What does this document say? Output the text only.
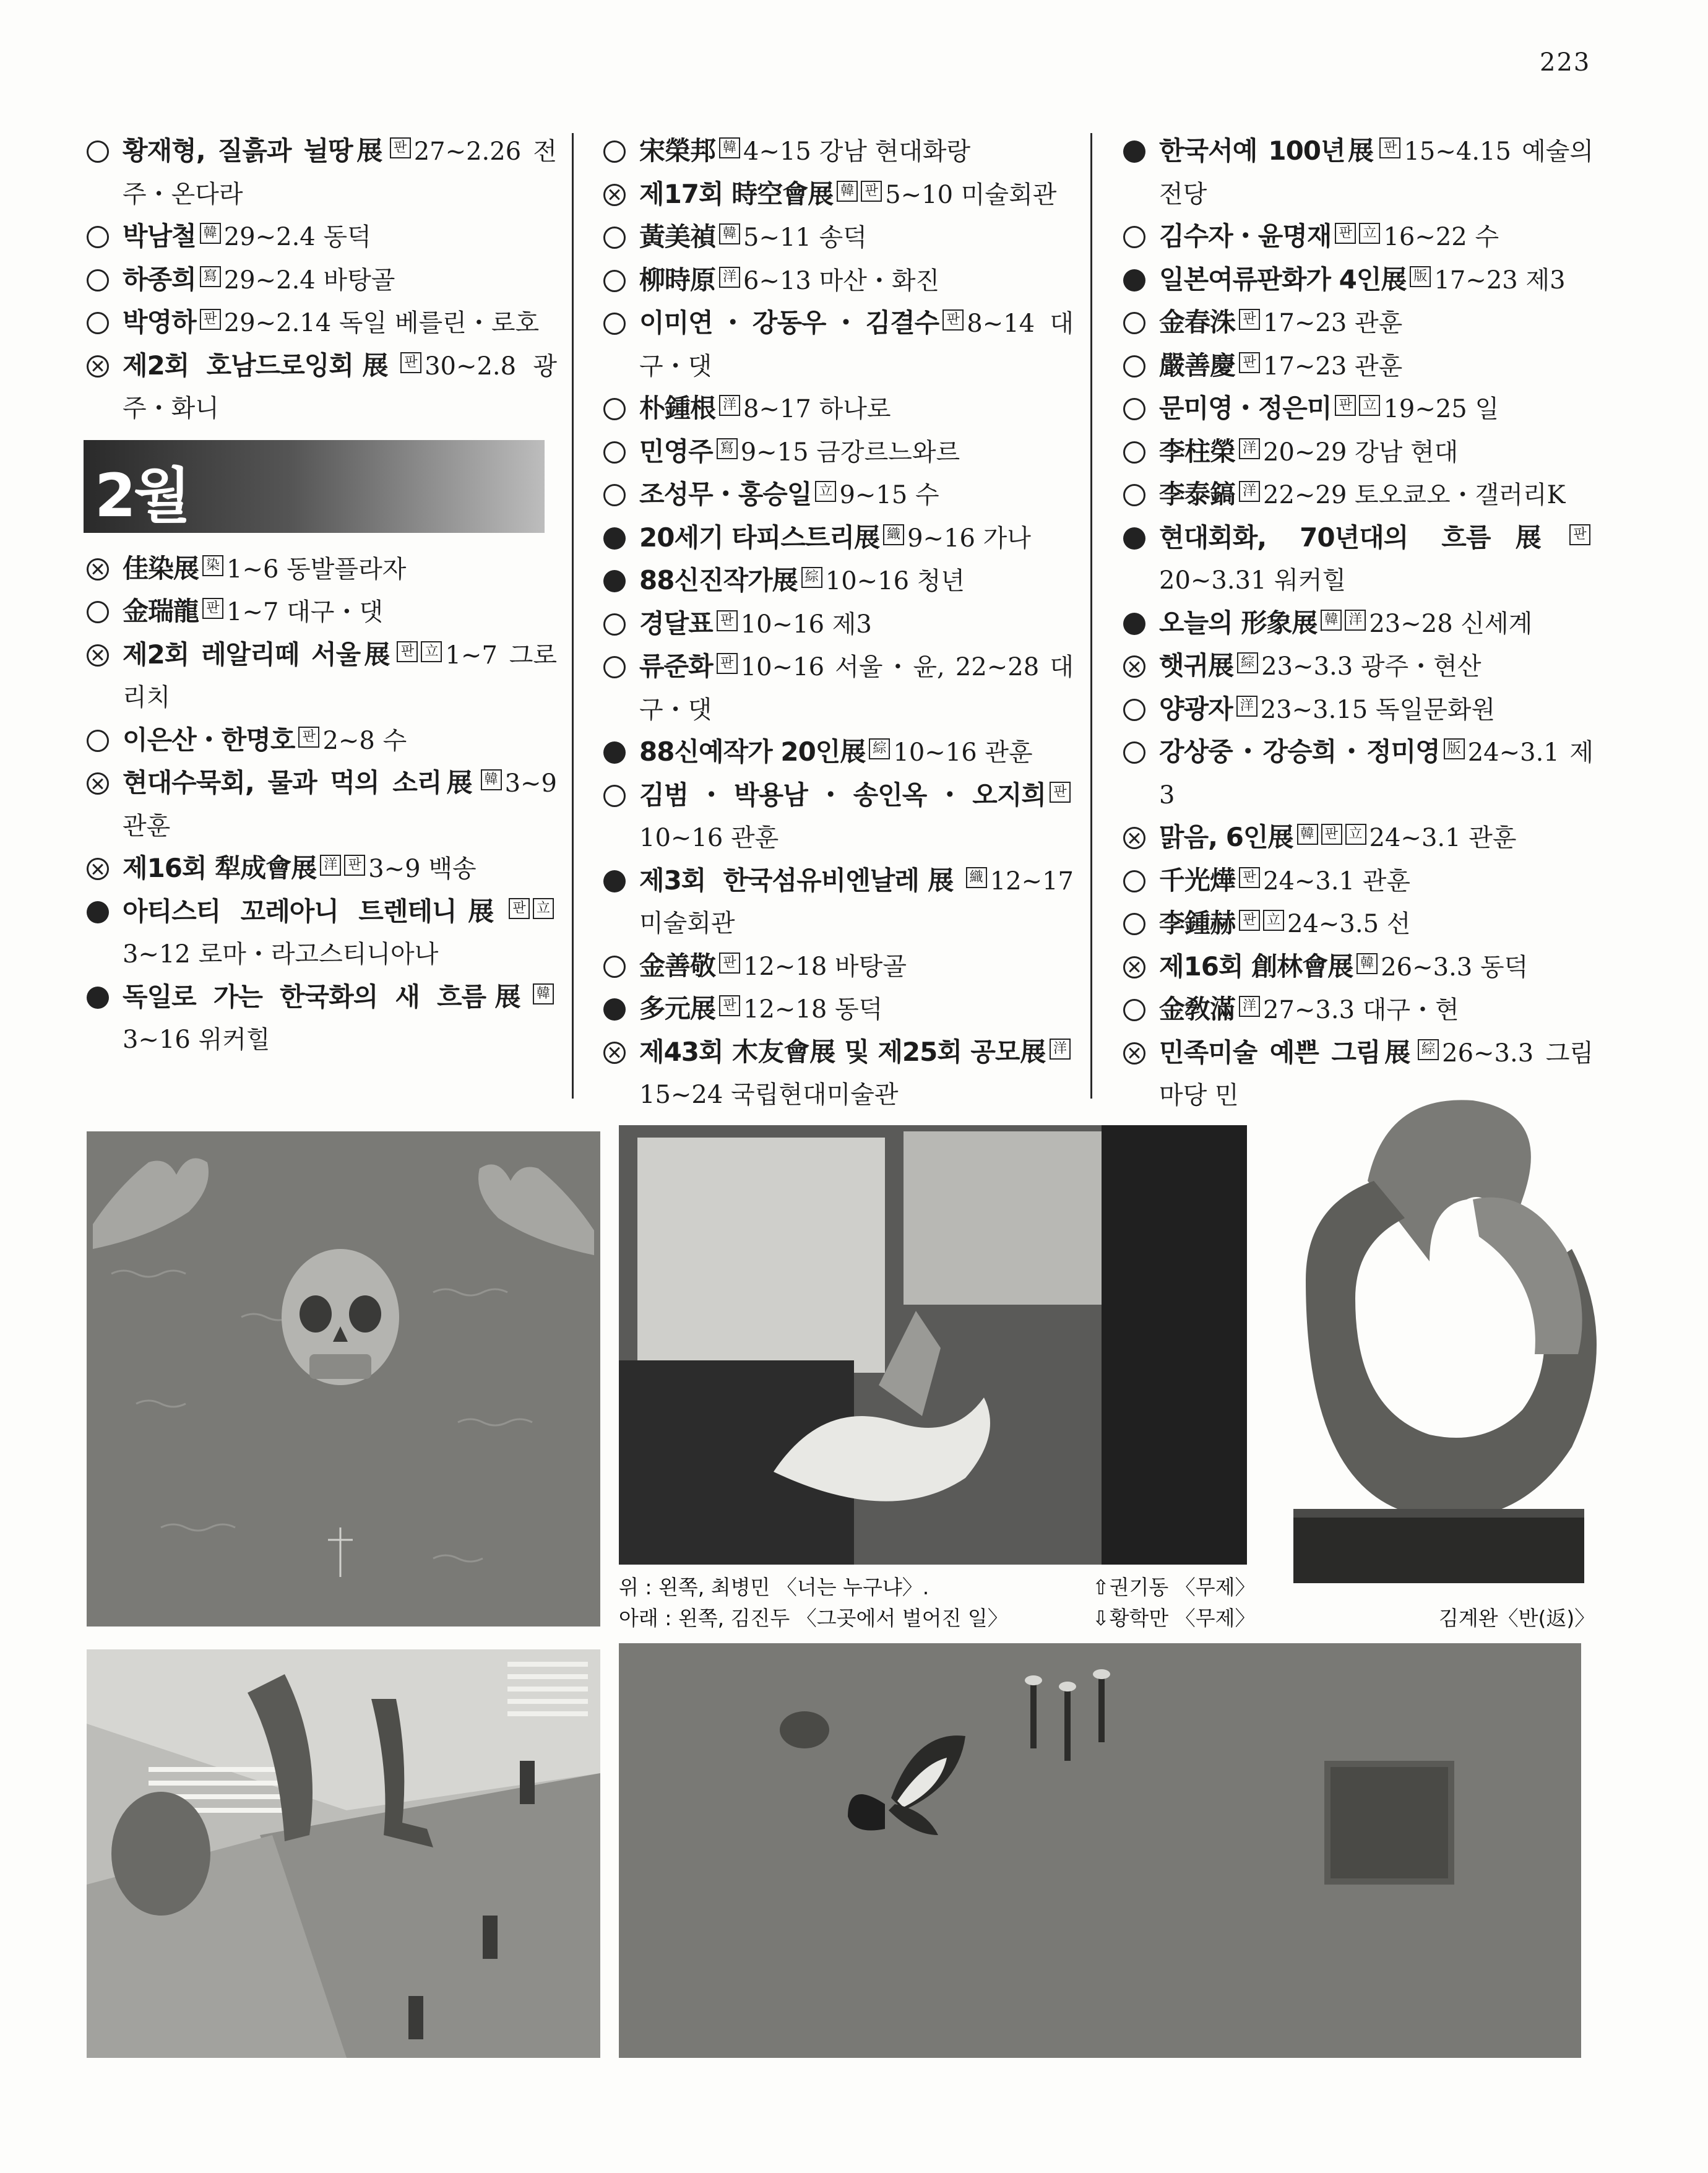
223
황재형, 질흙과 뉠땅展 판 27~2.26 전주・온다라
박남철 韓 29~2.4 동덕
하종희 寫 29~2.4 바탕골
박영하 판 29~2.14 독일 베를린・로호
제2회 호남드로잉회展 판 30~2.8 광주・화니
2월
佳染展 染 1~6 동발플라자
金瑞龍 판 1~7 대구・댓
제2회 레알리떼 서울展 판 立 1~7 그로리치
이은산・한명호 판 2~8 수
현대수묵회, 물과 먹의 소리展 韓 3~9 관훈
제16회 犁成會展 洋 판 3~9 백송
아티스티 꼬레아니 트렌테니展 판 立3~12 로마・라고스티니아나
독일로 가는 한국화의 새 흐름展 韓3~16 위커힐
宋榮邦 韓 4~15 강남 현대화랑
제17회 時空會展 韓 판 5~10 미술회관
黃美禎 韓 5~11 송덕
柳時原 洋 6~13 마산・화진
이미연・강동우・김결수 판 8~14 대구・댓
朴鍾根 洋 8~17 하나로
민영주 寫 9~15 금강르느와르
조성무・홍승일 立 9~15 수
20세기 타피스트리展 織 9~16 가나
88신진작가展 綜 10~16 청년
경달표 판 10~16 제3
류준화 판 10~16 서울・윤, 22~28 대구・댓
88신예작가 20인展 綜 10~16 관훈
김범・박용남・송인옥・오지희 판10~16 관훈
제3회 한국섬유비엔날레展 織 12~17 미술회관
金善敬 판 12~18 바탕골
多元展 판 12~18 동덕
제43회 木友會展 및 제25회 공모展 洋15~24 국립현대미술관
한국서예 100년展 판 15~4.15 예술의 전당
김수자・윤명재 판 立 16~22 수
일본여류판화가 4인展 版 17~23 제3
金春洙 판 17~23 관훈
嚴善慶 판 17~23 관훈
문미영・정은미 판 立 19~25 일
李柱榮 洋 20~29 강남 현대
李泰鎬 洋 22~29 토오쿄오・갤러리K
현대회화, 70년대의 흐름展 판20~3.31 워커힐
오늘의 形象展 韓 洋 23~28 신세계
햇귀展 綜 23~3.3 광주・현산
양광자 洋 23~3.15 독일문화원
강상중・강승희・정미영 版 24~3.1 제3
맑음, 6인展 韓 판 立 24~3.1 관훈
千光燁 판 24~3.1 관훈
李鍾赫 판 立 24~3.5 선
제16회 創林會展 韓 26~3.3 동덕
金敎滿 洋 27~3.3 대구・현
민족미술 예쁜 그림展 綜 26~3.3 그림마당 민
위 : 왼쪽, 최병민 〈너는 누구냐〉.
아래 : 왼쪽, 김진두 〈그곳에서 벌어진 일〉
⇧권기동 〈무제〉
⇩황학만 〈무제〉	김계완〈반(返)〉
